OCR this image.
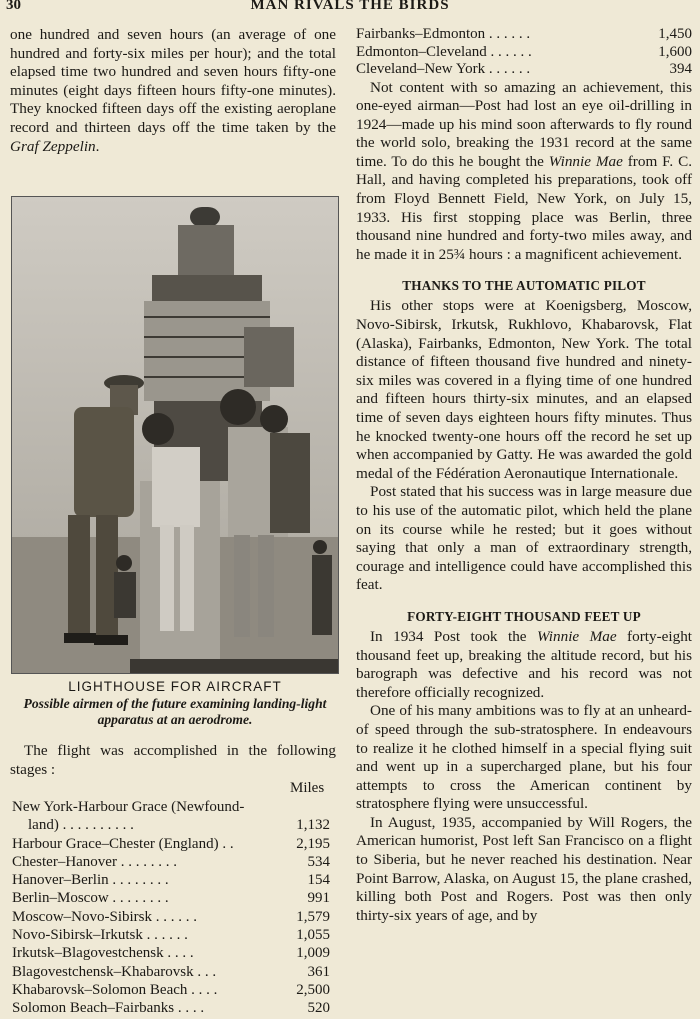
30	MAN RIVALS THE BIRDS

one hundred and seven hours (an average of one hundred and forty-six miles per hour); and the total elapsed time two hundred and seven hours fifty-one minutes (eight days fifteen hours fifty-one minutes). They knocked fifteen days off the existing aeroplane record and thirteen days off the time taken by the Graf Zeppelin.

LIGHTHOUSE FOR AIRCRAFT
Possible airmen of the future examining landing-light apparatus at an aerodrome.

The flight was accomplished in the following stages :

Miles
New York-Harbour Grace (Newfound-
land) . . . . . . . . . .	1,132
Harbour Grace–Chester (England) . .	2,195
Chester–Hanover . . . . . . . .	534
Hanover–Berlin . . . . . . . .	154
Berlin–Moscow . . . . . . . .	991
Moscow–Novo-Sibirsk . . . . . .	1,579
Novo-Sibirsk–Irkutsk . . . . . .	1,055
Irkutsk–Blagovestchensk . . . .	1,009
Blagovestchensk–Khabarovsk . . .	361
Khabarovsk–Solomon Beach . . . .	2,500
Solomon Beach–Fairbanks . . . .	520
Fairbanks–Edmonton . . . . . .	1,450
Edmonton–Cleveland . . . . . .	1,600
Cleveland–New York . . . . . .	394

Not content with so amazing an achievement, this one-eyed airman—Post had lost an eye oil-drilling in 1924—made up his mind soon afterwards to fly round the world solo, breaking the 1931 record at the same time. To do this he bought the Winnie Mae from F. C. Hall, and having completed his preparations, took off from Floyd Bennett Field, New York, on July 15, 1933. His first stopping place was Berlin, three thousand nine hundred and forty-two miles away, and he made it in 25¾ hours : a magnificent achievement.

THANKS TO THE AUTOMATIC PILOT

His other stops were at Koenigsberg, Moscow, Novo-Sibirsk, Irkutsk, Rukhlovo, Khabarovsk, Flat (Alaska), Fairbanks, Edmonton, New York. The total distance of fifteen thousand five hundred and ninety-six miles was covered in a flying time of one hundred and fifteen hours thirty-six minutes, and an elapsed time of seven days eighteen hours fifty minutes. Thus he knocked twenty-one hours off the record he set up when accompanied by Gatty. He was awarded the gold medal of the Fédération Aeronautique Internationale.

Post stated that his success was in large measure due to his use of the automatic pilot, which held the plane on its course while he rested; but it goes without saying that only a man of extraordinary strength, courage and intelligence could have accomplished this feat.

FORTY-EIGHT THOUSAND FEET UP

In 1934 Post took the Winnie Mae forty-eight thousand feet up, breaking the altitude record, but his barograph was defective and his record was not therefore officially recognized.

One of his many ambitions was to fly at an unheard-of speed through the sub-stratosphere. In endeavours to realize it he clothed himself in a special flying suit and went up in a supercharged plane, but his four attempts to cross the American continent by stratosphere flying were unsuccessful.

In August, 1935, accompanied by Will Rogers, the American humorist, Post left San Francisco on a flight to Siberia, but he never reached his destination. Near Point Barrow, Alaska, on August 15, the plane crashed, killing both Post and Rogers. Post was then only thirty-six years of age, and by
